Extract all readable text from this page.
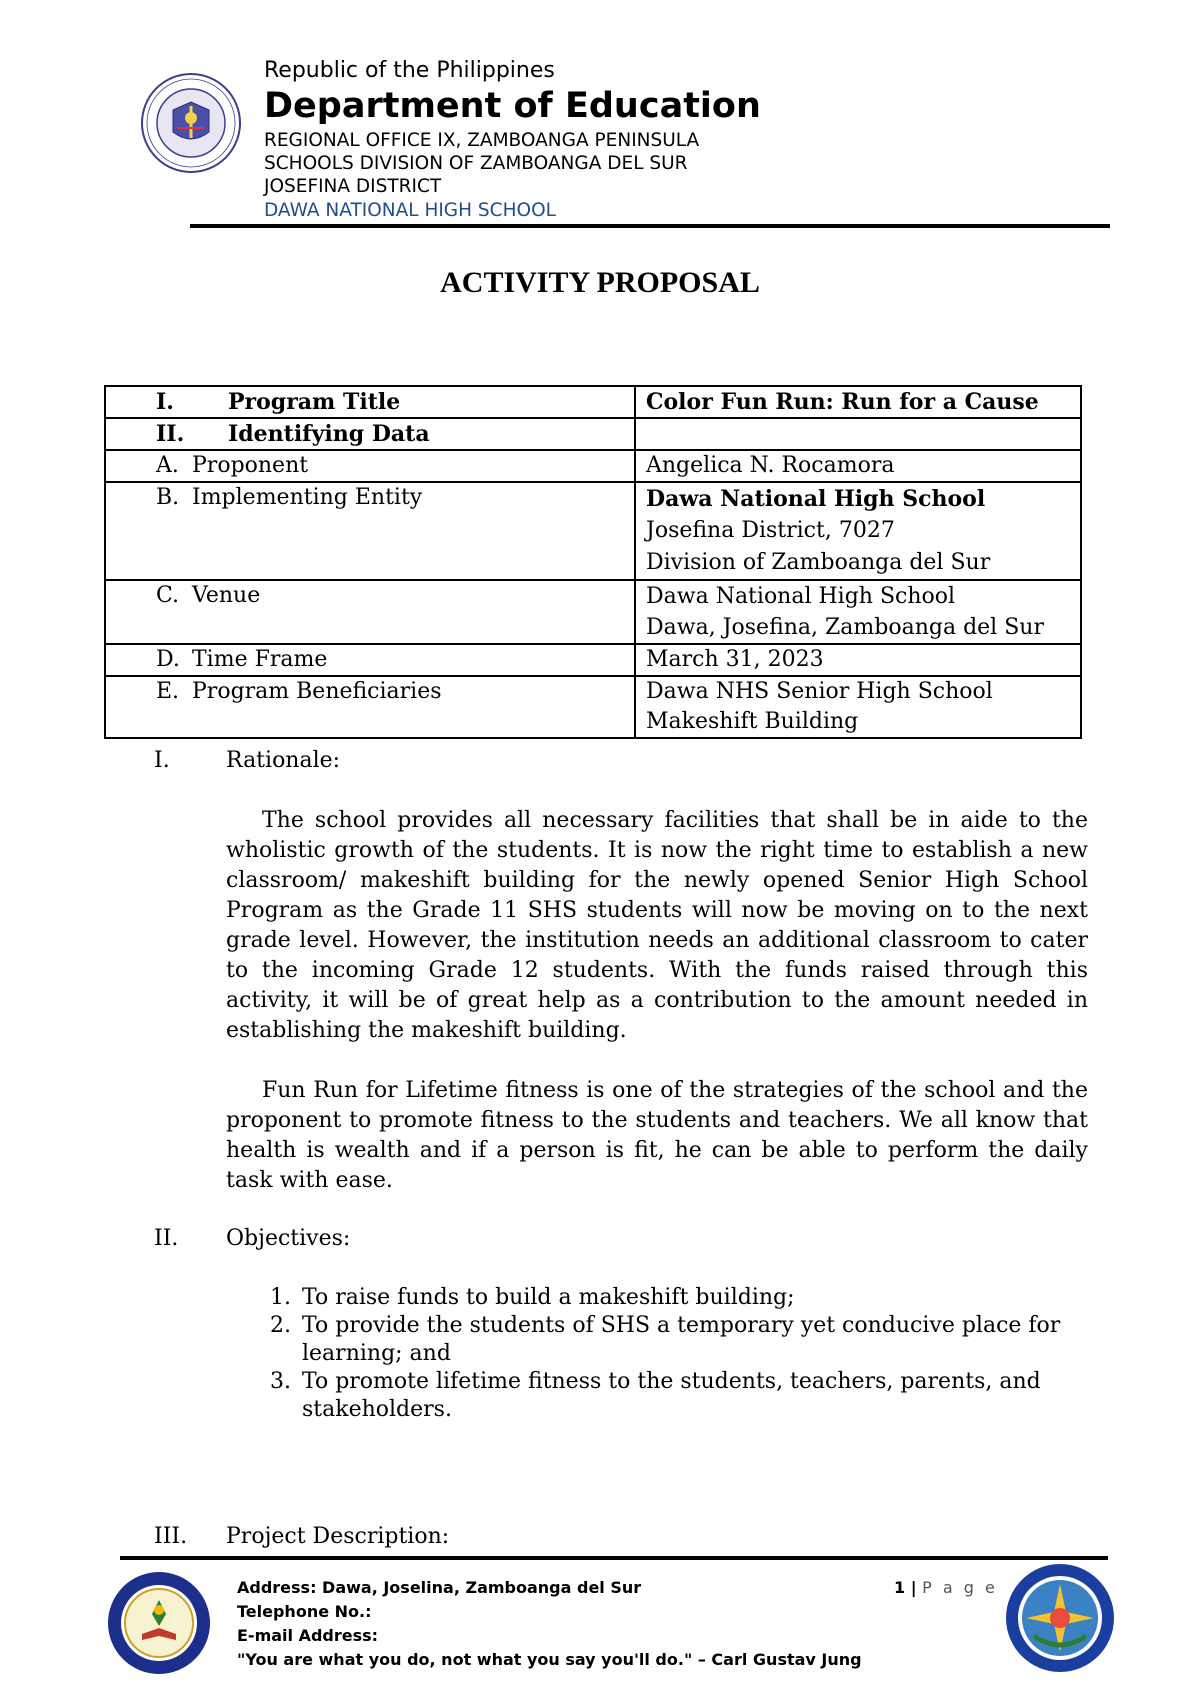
Republic of the Philippines
Department of Education
REGIONAL OFFICE IX, ZAMBOANGA PENINSULA
SCHOOLS DIVISION OF ZAMBOANGA DEL SUR
JOSEFINA DISTRICT
DAWA NATIONAL HIGH SCHOOL
ACTIVITY PROPOSAL
I. Program Title	Color Fun Run: Run for a Cause
II. Identifying Data	
A. Proponent	Angelica N. Rocamora
B. Implementing Entity	Dawa National High School
Josefina District, 7027
Division of Zamboanga del Sur

C. Venue	Dawa National High School
Dawa, Josefina, Zamboanga del Sur

D. Time Frame	March 31, 2023
E. Program Beneficiaries	Dawa NHS Senior High School Makeshift Building
I.	Rationale:

The school provides all necessary facilities that shall be in aide to the wholistic growth of the students. It is now the right time to establish a new classroom/ makeshift building for the newly opened Senior High School Program as the Grade 11 SHS students will now be moving on to the next grade level. However, the institution needs an additional classroom to cater to the incoming Grade 12 students. With the funds raised through this activity, it will be of great help as a contribution to the amount needed in establishing the makeshift building.

Fun Run for Lifetime fitness is one of the strategies of the school and the proponent to promote fitness to the students and teachers. We all know that health is wealth and if a person is fit, he can be able to perform the daily task with ease.

II. Objectives:
1. To raise funds to build a makeshift building;
2. To provide the students of SHS a temporary yet conducive place for learning; and
3. To promote lifetime fitness to the students, teachers, parents, and stakeholders.
III. Project Description:
Address: Dawa, Joselina, Zamboanga del Sur
Telephone No.:
E-mail Address:
"You are what you do, not what you say you'll do." – Carl Gustav Jung
1 | P a g e
